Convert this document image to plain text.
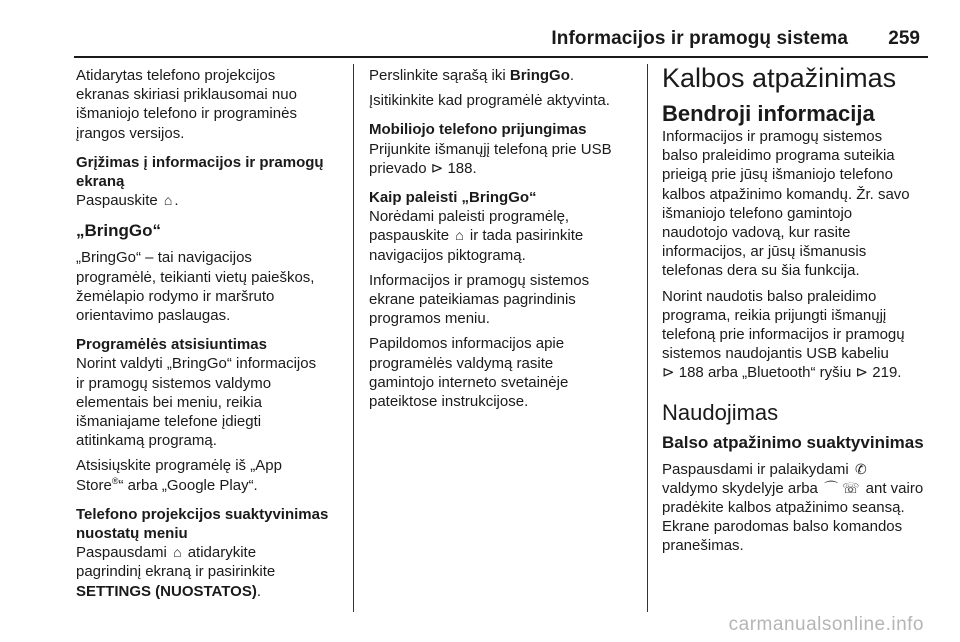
Informacijos ir pramogų sistema 259
Atidarytas telefono projekcijos
ekranas skiriasi priklausomai nuo
išmaniojo telefono ir programinės
įrangos versijos.
Grįžimas į informacijos ir pramogų
ekraną
Paspauskite ⌂ .
„BringGo“
„BringGo“ – tai navigacijos
programėlė, teikianti vietų paieškos,
žemėlapio rodymo ir maršruto
orientavimo paslaugas.
Programėlės atsisiuntimas
Norint valdyti „BringGo“ informacijos
ir pramogų sistemos valdymo
elementais bei meniu, reikia
išmaniajame telefone įdiegti
atitinkamą programą.
Atsisiųskite programėlę iš „App
Store®“ arba „Google Play“.
Telefono projekcijos suaktyvinimas
nuostatų meniu
Paspausdami ⌂ atidarykite
pagrindinį ekraną ir pasirinkite
SETTINGS (NUOSTATOS).
Perslinkite sąrašą iki BringGo.
Įsitikinkite kad programėlė aktyvinta.
Mobiliojo telefono prijungimas
Prijunkite išmanųjį telefoną prie USB
prievado ⊳ 188.
Kaip paleisti „BringGo“
Norėdami paleisti programėlę,
paspauskite ⌂ ir tada pasirinkite
navigacijos piktogramą.
Informacijos ir pramogų sistemos
ekrane pateikiamas pagrindinis
programos meniu.
Papildomos informacijos apie
programėlės valdymą rasite
gamintojo interneto svetainėje
pateiktose instrukcijose.
Kalbos atpažinimas
Bendroji informacija
Informacijos ir pramogų sistemos
balso praleidimo programa suteikia
prieigą prie jūsų išmaniojo telefono
kalbos atpažinimo komandų. Žr. savo
išmaniojo telefono gamintojo
naudotojo vadovą, kur rasite
informacijos, ar jūsų išmanusis
telefonas dera su šia funkcija.
Norint naudotis balso praleidimo
programa, reikia prijungti išmanųjį
telefoną prie informacijos ir pramogų
sistemos naudojantis USB kabeliu
⊳ 188 arba „Bluetooth“ ryšiu ⊳ 219.
Naudojimas
Balso atpažinimo suaktyvinimas
Paspausdami ir palaikydami ✆
valdymo skydelyje arba ⌒ ☏ ant vairo
pradėkite kalbos atpažinimo seansą.
Ekrane parodomas balso komandos
pranešimas.
carmanualsonline.info
